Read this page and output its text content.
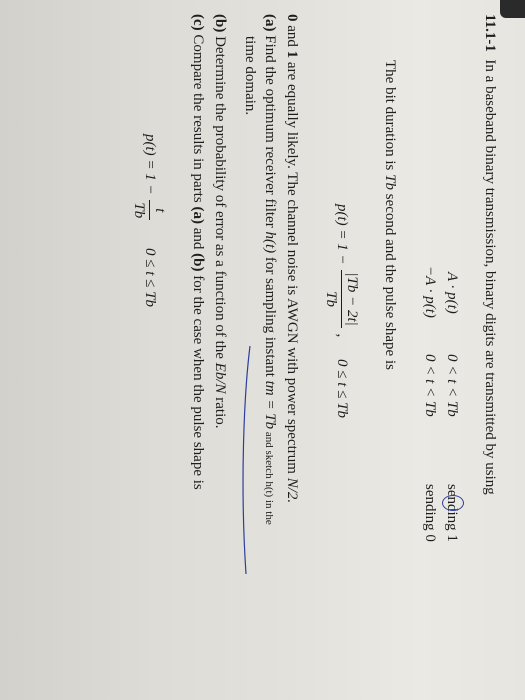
11.1-1  In a baseband binary transmission, binary digits are transmitted by using
A · p(t)
0 < t < Tb
sending 1
−A · p(t)
0 < t < Tb
sending 0
The bit duration is Tb second and the pulse shape is
p(t) = 1 −
|Tb − 2t|
Tb
, 0 ≤ t ≤ Tb
0 and 1 are equally likely. The channel noise is AWGN with power spectrum N/2.
(a) Find the optimum receiver filter h(t) for sampling instant tm = Tb and sketch h(t) in the
time domain.
(b) Determine the probability of error as a function of the Eb/N ratio.
(c) Compare the results in parts (a) and (b) for the case when the pulse shape is
p(t) = 1 −
t
Tb
0 ≤ t ≤ Tb
